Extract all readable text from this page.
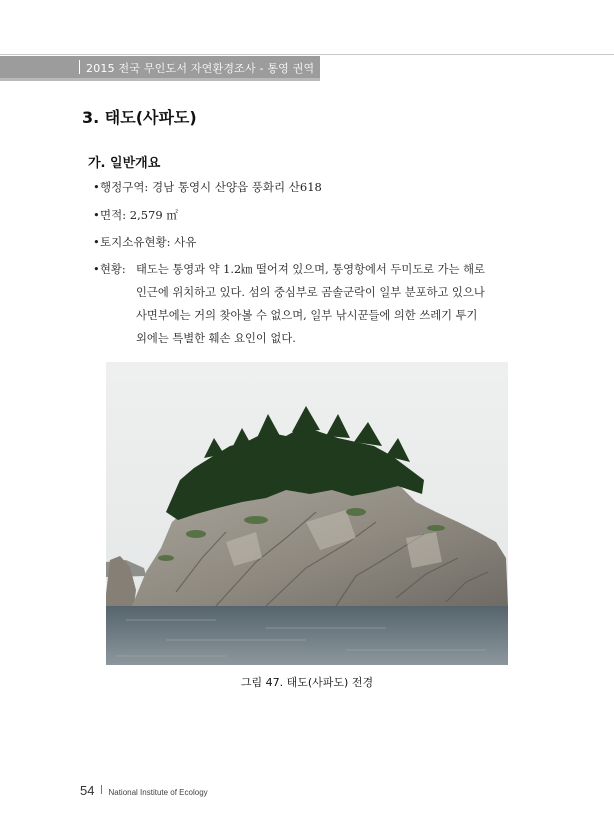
2015 전국 무인도서 자연환경조사 - 통영 권역
3. 태도(사파도)
가. 일반개요
•행정구역: 경남 통영시 산양읍 풍화리 산618
•면적: 2,579 ㎡
•토지소유현황: 사유
•현황: 태도는 통영과 약 1.2㎞ 떨어져 있으며, 통영항에서 두미도로 가는 해로
인근에 위치하고 있다. 섬의 중심부로 곰솔군락이 일부 분포하고 있으나
사면부에는 거의 찾아볼 수 없으며, 일부 낚시꾼들에 의한 쓰레기 투기
외에는 특별한 훼손 요인이 없다.
그림 47. 태도(사파도) 전경
54 National Institute of Ecology
